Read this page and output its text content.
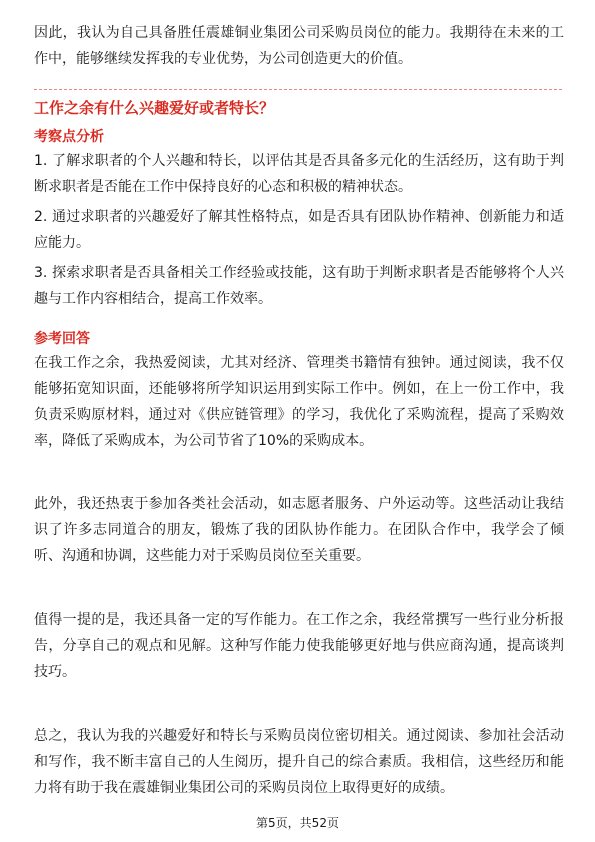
因此，我认为自己具备胜任震雄铜业集团公司采购员岗位的能力。我期待在未来的工作中，能够继续发挥我的专业优势，为公司创造更大的价值。

工作之余有什么兴趣爱好或者特长？
考察点分析

1. 了解求职者的个人兴趣和特长，以评估其是否具备多元化的生活经历，这有助于判断求职者是否能在工作中保持良好的心态和积极的精神状态。

2. 通过求职者的兴趣爱好了解其性格特点，如是否具有团队协作精神、创新能力和适应能力。

3. 探索求职者是否具备相关工作经验或技能，这有助于判断求职者是否能够将个人兴趣与工作内容相结合，提高工作效率。

参考回答

在我工作之余，我热爱阅读，尤其对经济、管理类书籍情有独钟。通过阅读，我不仅能够拓宽知识面，还能够将所学知识运用到实际工作中。例如，在上一份工作中，我负责采购原材料，通过对《供应链管理》的学习，我优化了采购流程，提高了采购效率，降低了采购成本，为公司节省了10%的采购成本。

此外，我还热衷于参加各类社会活动，如志愿者服务、户外运动等。这些活动让我结识了许多志同道合的朋友，锻炼了我的团队协作能力。在团队合作中，我学会了倾听、沟通和协调，这些能力对于采购员岗位至关重要。

值得一提的是，我还具备一定的写作能力。在工作之余，我经常撰写一些行业分析报告，分享自己的观点和见解。这种写作能力使我能够更好地与供应商沟通，提高谈判技巧。

总之，我认为我的兴趣爱好和特长与采购员岗位密切相关。通过阅读、参加社会活动和写作，我不断丰富自己的人生阅历，提升自己的综合素质。我相信，这些经历和能力将有助于我在震雄铜业集团公司的采购员岗位上取得更好的成绩。

第5页，共52页
